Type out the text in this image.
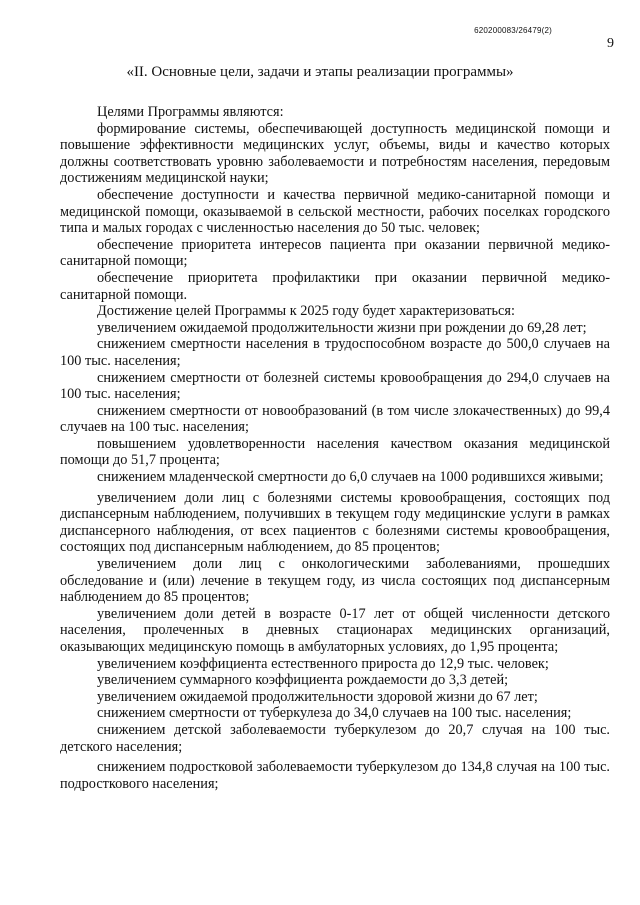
620200083/26479(2)
9
«II. Основные цели, задачи и этапы реализации программы»

Целями Программы являются:

формирование системы, обеспечивающей доступность медицинской помощи и повышение эффективности медицинских услуг, объемы, виды и качество которых должны соответствовать уровню заболеваемости и потребностям населения, передовым достижениям медицинской науки;

обеспечение доступности и качества первичной медико-санитарной помощи и медицинской помощи, оказываемой в сельской местности, рабочих поселках городского типа и малых городах с численностью населения до 50 тыс. человек;

обеспечение приоритета интересов пациента при оказании первичной медико-санитарной помощи;

обеспечение приоритета профилактики при оказании первичной медико-санитарной помощи.

Достижение целей Программы к 2025 году будет характеризоваться:

увеличением ожидаемой продолжительности жизни при рождении до 69,28 лет;

снижением смертности населения в трудоспособном возрасте до 500,0 случаев на 100 тыс. населения;

снижением смертности от болезней системы кровообращения до 294,0 случаев на 100 тыс. населения;

снижением смертности от новообразований (в том числе злокачественных) до 99,4 случаев на 100 тыс. населения;

повышением удовлетворенности населения качеством оказания медицинской помощи до 51,7 процента;

снижением младенческой смертности до 6,0 случаев на 1000 родившихся живыми;

увеличением доли лиц с болезнями системы кровообращения, состоящих под диспансерным наблюдением, получивших в текущем году медицинские услуги в рамках диспансерного наблюдения, от всех пациентов с болезнями системы кровообращения, состоящих под диспансерным наблюдением, до 85 процентов;

увеличением доли лиц с онкологическими заболеваниями, прошедших обследование и (или) лечение в текущем году, из числа состоящих под диспансерным наблюдением до 85 процентов;

увеличением доли детей в возрасте 0-17 лет от общей численности детского населения, пролеченных в дневных стационарах медицинских организаций, оказывающих медицинскую помощь в амбулаторных условиях, до 1,95 процента;

увеличением коэффициента естественного прироста до 12,9 тыс. человек;

увеличением суммарного коэффициента рождаемости до 3,3 детей;

увеличением ожидаемой продолжительности здоровой жизни до 67 лет;

снижением смертности от туберкулеза до 34,0 случаев на 100 тыс. населения;

снижением детской заболеваемости туберкулезом до 20,7 случая на 100 тыс. детского населения;

снижением подростковой заболеваемости туберкулезом до 134,8 случая на 100 тыс. подросткового населения;
